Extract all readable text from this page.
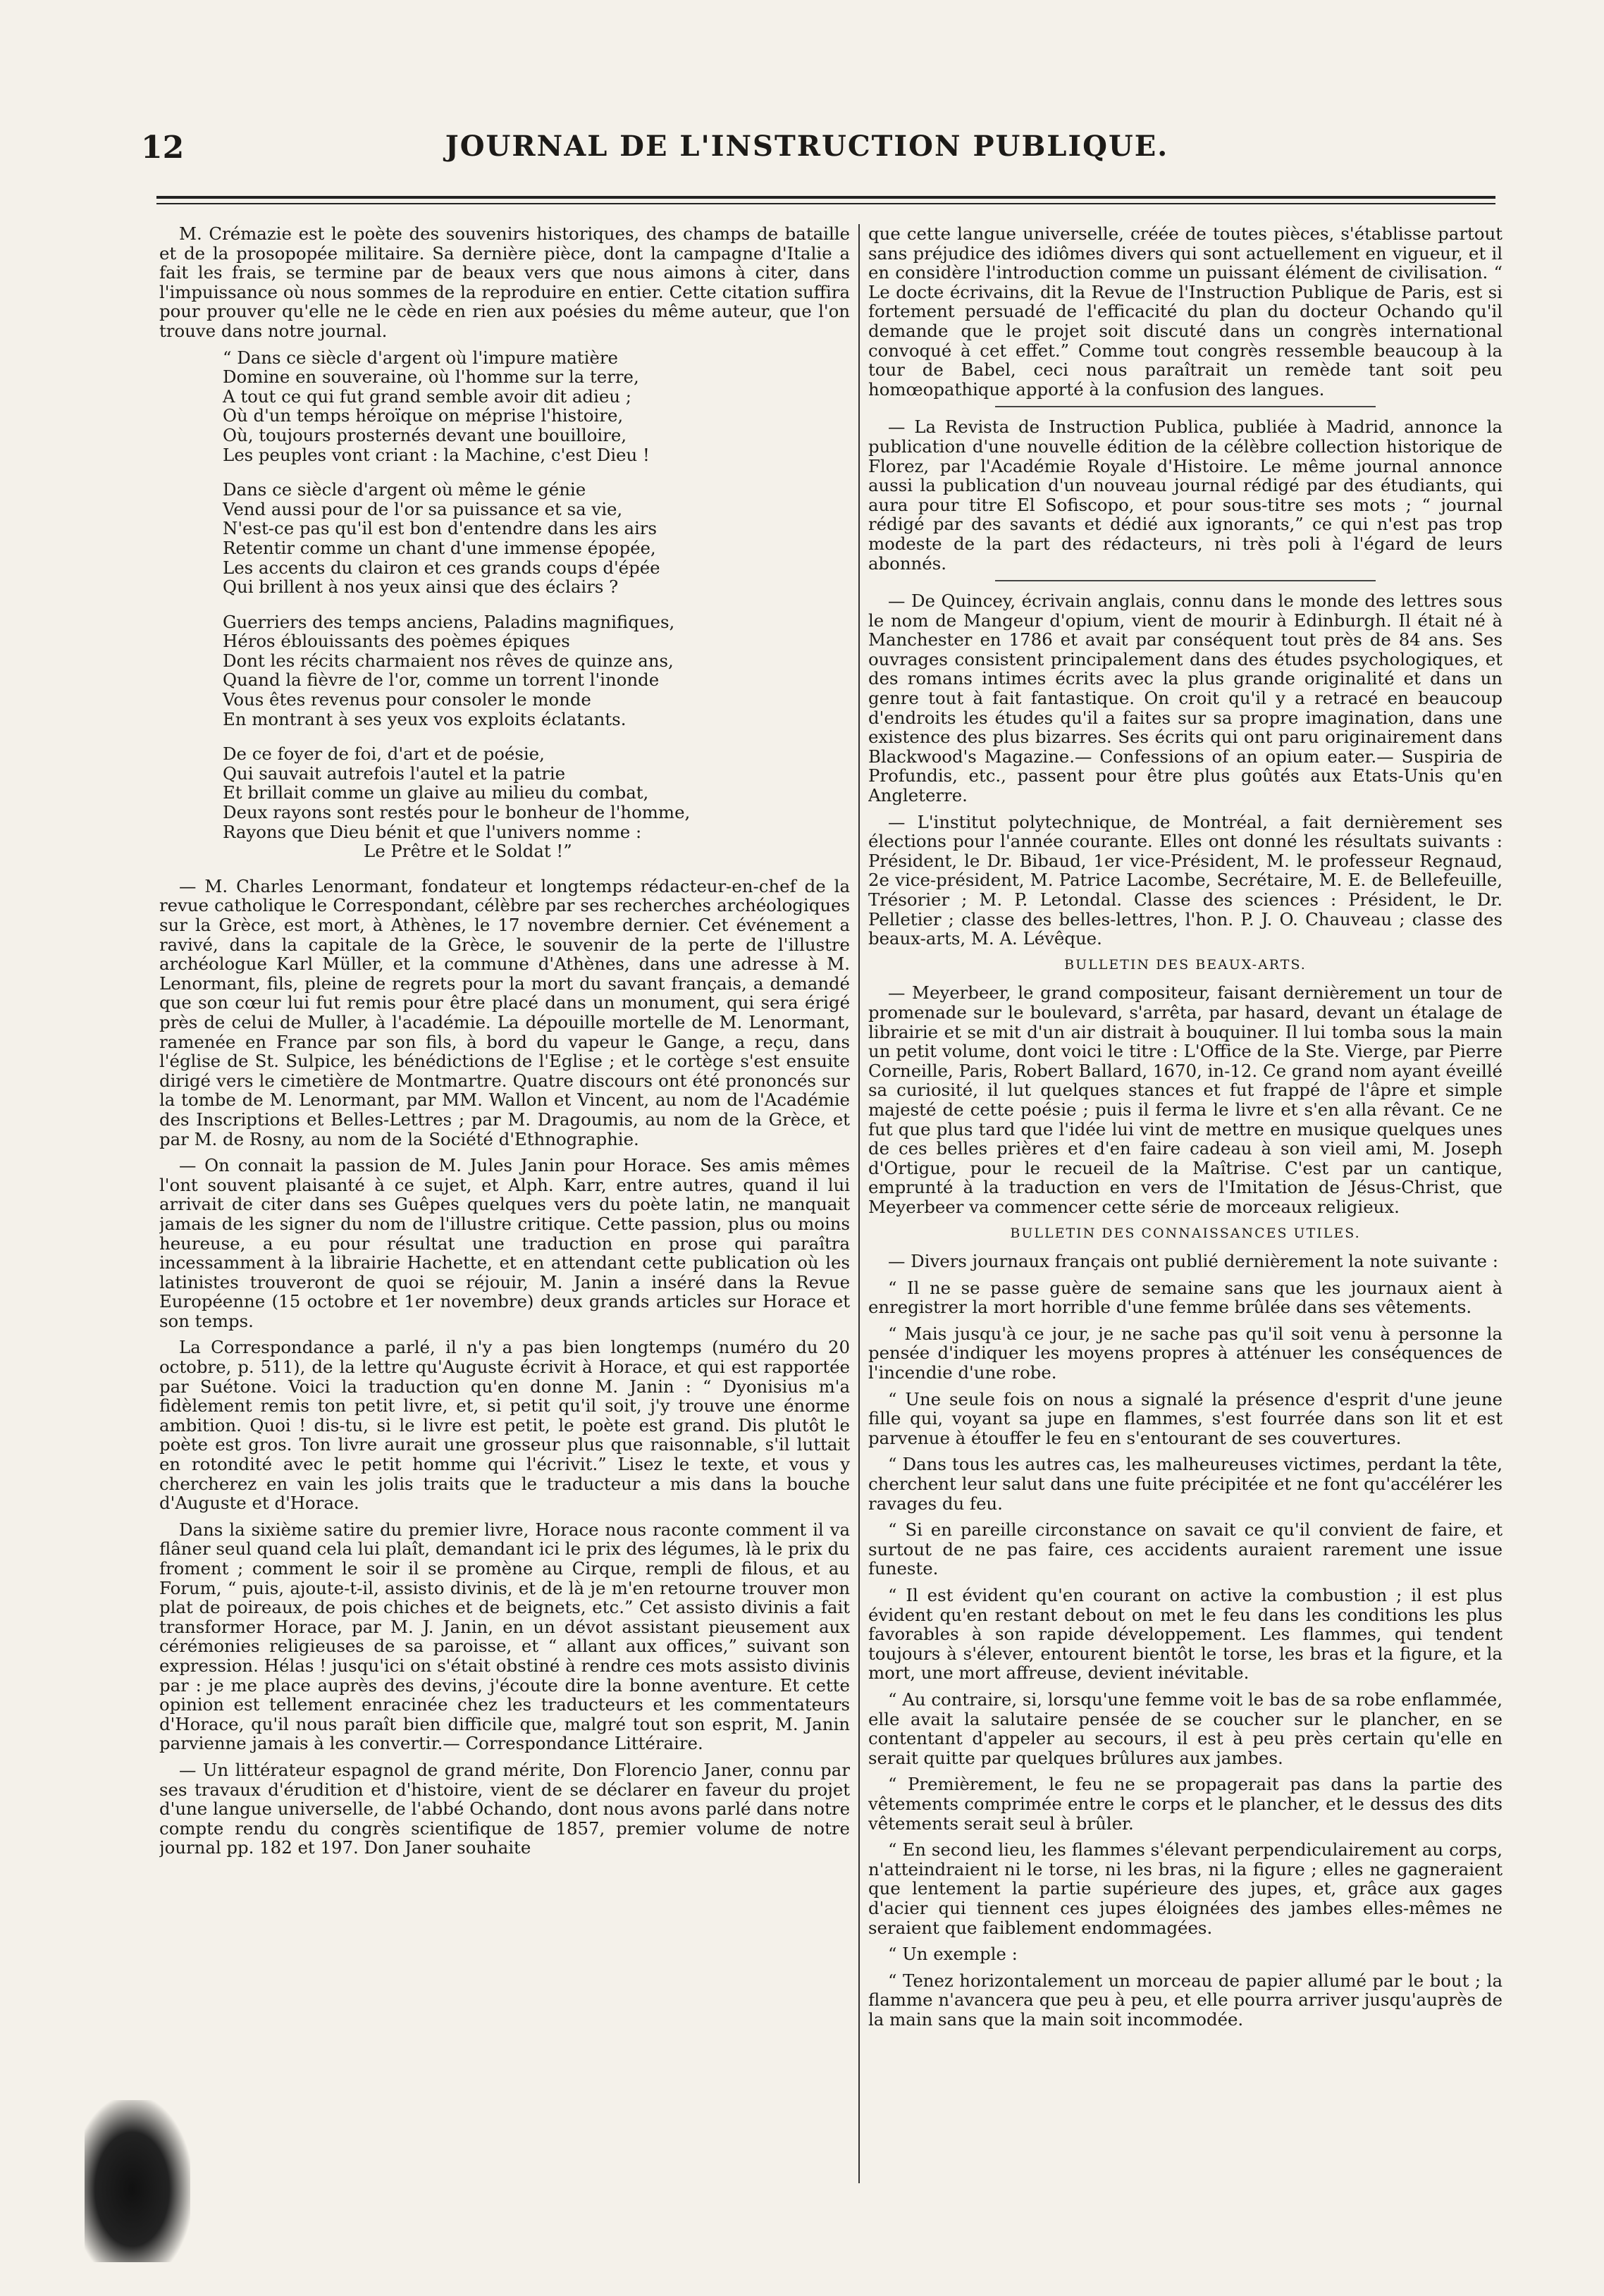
12	JOURNAL DE L'INSTRUCTION PUBLIQUE.

M. Crémazie est le poète des souvenirs historiques, des champs de bataille et de la prosopopée militaire. Sa dernière pièce, dont la campagne d'Italie a fait les frais, se termine par de beaux vers que nous aimons à citer, dans l'impuissance où nous sommes de la reproduire en entier. Cette citation suffira pour prouver qu'elle ne le cède en rien aux poésies du même auteur, que l'on trouve dans notre journal.

“ Dans ce siècle d'argent où l'impure matière
Domine en souveraine, où l'homme sur la terre,
A tout ce qui fut grand semble avoir dit adieu ;
Où d'un temps héroïque on méprise l'histoire,
Où, toujours prosternés devant une bouilloire,
Les peuples vont criant : la Machine, c'est Dieu !
Dans ce siècle d'argent où même le génie
Vend aussi pour de l'or sa puissance et sa vie,
N'est-ce pas qu'il est bon d'entendre dans les airs
Retentir comme un chant d'une immense épopée,
Les accents du clairon et ces grands coups d'épée
Qui brillent à nos yeux ainsi que des éclairs ?
Guerriers des temps anciens, Paladins magnifiques,
Héros éblouissants des poèmes épiques
Dont les récits charmaient nos rêves de quinze ans,
Quand la fièvre de l'or, comme un torrent l'inonde
Vous êtes revenus pour consoler le monde
En montrant à ses yeux vos exploits éclatants.
De ce foyer de foi, d'art et de poésie,
Qui sauvait autrefois l'autel et la patrie
Et brillait comme un glaive au milieu du combat,
Deux rayons sont restés pour le bonheur de l'homme,
Rayons que Dieu bénit et que l'univers nomme :
Le Prêtre et le Soldat !”

— M. Charles Lenormant, fondateur et longtemps rédacteur-en-chef de la revue catholique le Correspondant, célèbre par ses recherches archéologiques sur la Grèce, est mort, à Athènes, le 17 novembre dernier. Cet événement a ravivé, dans la capitale de la Grèce, le souvenir de la perte de l'illustre archéologue Karl Müller, et la commune d'Athènes, dans une adresse à M. Lenormant, fils, pleine de regrets pour la mort du savant français, a demandé que son cœur lui fut remis pour être placé dans un monument, qui sera érigé près de celui de Muller, à l'académie. La dépouille mortelle de M. Lenormant, ramenée en France par son fils, à bord du vapeur le Gange, a reçu, dans l'église de St. Sulpice, les bénédictions de l'Eglise ; et le cortège s'est ensuite dirigé vers le cimetière de Montmartre. Quatre discours ont été prononcés sur la tombe de M. Lenormant, par MM. Wallon et Vincent, au nom de l'Académie des Inscriptions et Belles-Lettres ; par M. Dragoumis, au nom de la Grèce, et par M. de Rosny, au nom de la Société d'Ethnographie.

— On connait la passion de M. Jules Janin pour Horace. Ses amis mêmes l'ont souvent plaisanté à ce sujet, et Alph. Karr, entre autres, quand il lui arrivait de citer dans ses Guêpes quelques vers du poète latin, ne manquait jamais de les signer du nom de l'illustre critique. Cette passion, plus ou moins heureuse, a eu pour résultat une traduction en prose qui paraîtra incessamment à la librairie Hachette, et en attendant cette publication où les latinistes trouveront de quoi se réjouir, M. Janin a inséré dans la Revue Européenne (15 octobre et 1er novembre) deux grands articles sur Horace et son temps.

La Correspondance a parlé, il n'y a pas bien longtemps (numéro du 20 octobre, p. 511), de la lettre qu'Auguste écrivit à Horace, et qui est rapportée par Suétone. Voici la traduction qu'en donne M. Janin : “ Dyonisius m'a fidèlement remis ton petit livre, et, si petit qu'il soit, j'y trouve une énorme ambition. Quoi ! dis-tu, si le livre est petit, le poète est grand. Dis plutôt le poète est gros. Ton livre aurait une grosseur plus que raisonnable, s'il luttait en rotondité avec le petit homme qui l'écrivit.” Lisez le texte, et vous y chercherez en vain les jolis traits que le traducteur a mis dans la bouche d'Auguste et d'Horace.

Dans la sixième satire du premier livre, Horace nous raconte comment il va flâner seul quand cela lui plaît, demandant ici le prix des légumes, là le prix du froment ; comment le soir il se promène au Cirque, rempli de filous, et au Forum, “ puis, ajoute-t-il, assisto divinis, et de là je m'en retourne trouver mon plat de poireaux, de pois chiches et de beignets, etc.” Cet assisto divinis a fait transformer Horace, par M. J. Janin, en un dévot assistant pieusement aux cérémonies religieuses de sa paroisse, et “ allant aux offices,” suivant son expression. Hélas ! jusqu'ici on s'était obstiné à rendre ces mots assisto divinis par : je me place auprès des devins, j'écoute dire la bonne aventure. Et cette opinion est tellement enracinée chez les traducteurs et les commentateurs d'Horace, qu'il nous paraît bien difficile que, malgré tout son esprit, M. Janin parvienne jamais à les convertir.— Correspondance Littéraire.

— Un littérateur espagnol de grand mérite, Don Florencio Janer, connu par ses travaux d'érudition et d'histoire, vient de se déclarer en faveur du projet d'une langue universelle, de l'abbé Ochando, dont nous avons parlé dans notre compte rendu du congrès scientifique de 1857, premier volume de notre journal pp. 182 et 197. Don Janer souhaite

que cette langue universelle, créée de toutes pièces, s'établisse partout sans préjudice des idiômes divers qui sont actuellement en vigueur, et il en considère l'introduction comme un puissant élément de civilisation. “ Le docte écrivains, dit la Revue de l'Instruction Publique de Paris, est si fortement persuadé de l'efficacité du plan du docteur Ochando qu'il demande que le projet soit discuté dans un congrès international convoqué à cet effet.” Comme tout congrès ressemble beaucoup à la tour de Babel, ceci nous paraîtrait un remède tant soit peu homœopathique apporté à la confusion des langues.

— La Revista de Instruction Publica, publiée à Madrid, annonce la publication d'une nouvelle édition de la célèbre collection historique de Florez, par l'Académie Royale d'Histoire. Le même journal annonce aussi la publication d'un nouveau journal rédigé par des étudiants, qui aura pour titre El Sofiscopo, et pour sous-titre ses mots ; “ journal rédigé par des savants et dédié aux ignorants,” ce qui n'est pas trop modeste de la part des rédacteurs, ni très poli à l'égard de leurs abonnés.

— De Quincey, écrivain anglais, connu dans le monde des lettres sous le nom de Mangeur d'opium, vient de mourir à Edinburgh. Il était né à Manchester en 1786 et avait par conséquent tout près de 84 ans. Ses ouvrages consistent principalement dans des études psychologiques, et des romans intimes écrits avec la plus grande originalité et dans un genre tout à fait fantastique. On croit qu'il y a retracé en beaucoup d'endroits les études qu'il a faites sur sa propre imagination, dans une existence des plus bizarres. Ses écrits qui ont paru originairement dans Blackwood's Magazine.— Confessions of an opium eater.— Suspiria de Profundis, etc., passent pour être plus goûtés aux Etats-Unis qu'en Angleterre.

— L'institut polytechnique, de Montréal, a fait dernièrement ses élections pour l'année courante. Elles ont donné les résultats suivants : Président, le Dr. Bibaud, 1er vice-Président, M. le professeur Regnaud, 2e vice-président, M. Patrice Lacombe, Secrétaire, M. E. de Bellefeuille, Trésorier ; M. P. Letondal. Classe des sciences : Président, le Dr. Pelletier ; classe des belles-lettres, l'hon. P. J. O. Chauveau ; classe des beaux-arts, M. A. Lévêque.

BULLETIN DES BEAUX-ARTS.

— Meyerbeer, le grand compositeur, faisant dernièrement un tour de promenade sur le boulevard, s'arrêta, par hasard, devant un étalage de librairie et se mit d'un air distrait à bouquiner. Il lui tomba sous la main un petit volume, dont voici le titre : L'Office de la Ste. Vierge, par Pierre Corneille, Paris, Robert Ballard, 1670, in-12. Ce grand nom ayant éveillé sa curiosité, il lut quelques stances et fut frappé de l'âpre et simple majesté de cette poésie ; puis il ferma le livre et s'en alla rêvant. Ce ne fut que plus tard que l'idée lui vint de mettre en musique quelques unes de ces belles prières et d'en faire cadeau à son vieil ami, M. Joseph d'Ortigue, pour le recueil de la Maîtrise. C'est par un cantique, emprunté à la traduction en vers de l'Imitation de Jésus-Christ, que Meyerbeer va commencer cette série de morceaux religieux.

BULLETIN DES CONNAISSANCES UTILES.

— Divers journaux français ont publié dernièrement la note suivante :

“ Il ne se passe guère de semaine sans que les journaux aient à enregistrer la mort horrible d'une femme brûlée dans ses vêtements.

“ Mais jusqu'à ce jour, je ne sache pas qu'il soit venu à personne la pensée d'indiquer les moyens propres à atténuer les conséquences de l'incendie d'une robe.

“ Une seule fois on nous a signalé la présence d'esprit d'une jeune fille qui, voyant sa jupe en flammes, s'est fourrée dans son lit et est parvenue à étouffer le feu en s'entourant de ses couvertures.

“ Dans tous les autres cas, les malheureuses victimes, perdant la tête, cherchent leur salut dans une fuite précipitée et ne font qu'accélérer les ravages du feu.

“ Si en pareille circonstance on savait ce qu'il convient de faire, et surtout de ne pas faire, ces accidents auraient rarement une issue funeste.

“ Il est évident qu'en courant on active la combustion ; il est plus évident qu'en restant debout on met le feu dans les conditions les plus favorables à son rapide développement. Les flammes, qui tendent toujours à s'élever, entourent bientôt le torse, les bras et la figure, et la mort, une mort affreuse, devient inévitable.

“ Au contraire, si, lorsqu'une femme voit le bas de sa robe enflammée, elle avait la salutaire pensée de se coucher sur le plancher, en se contentant d'appeler au secours, il est à peu près certain qu'elle en serait quitte par quelques brûlures aux jambes.

“ Premièrement, le feu ne se propagerait pas dans la partie des vêtements comprimée entre le corps et le plancher, et le dessus des dits vêtements serait seul à brûler.

“ En second lieu, les flammes s'élevant perpendiculairement au corps, n'atteindraient ni le torse, ni les bras, ni la figure ; elles ne gagneraient que lentement la partie supérieure des jupes, et, grâce aux gages d'acier qui tiennent ces jupes éloignées des jambes elles-mêmes ne seraient que faiblement endommagées.

“ Un exemple :

“ Tenez horizontalement un morceau de papier allumé par le bout ; la flamme n'avancera que peu à peu, et elle pourra arriver jusqu'auprès de la main sans que la main soit incommodée.
